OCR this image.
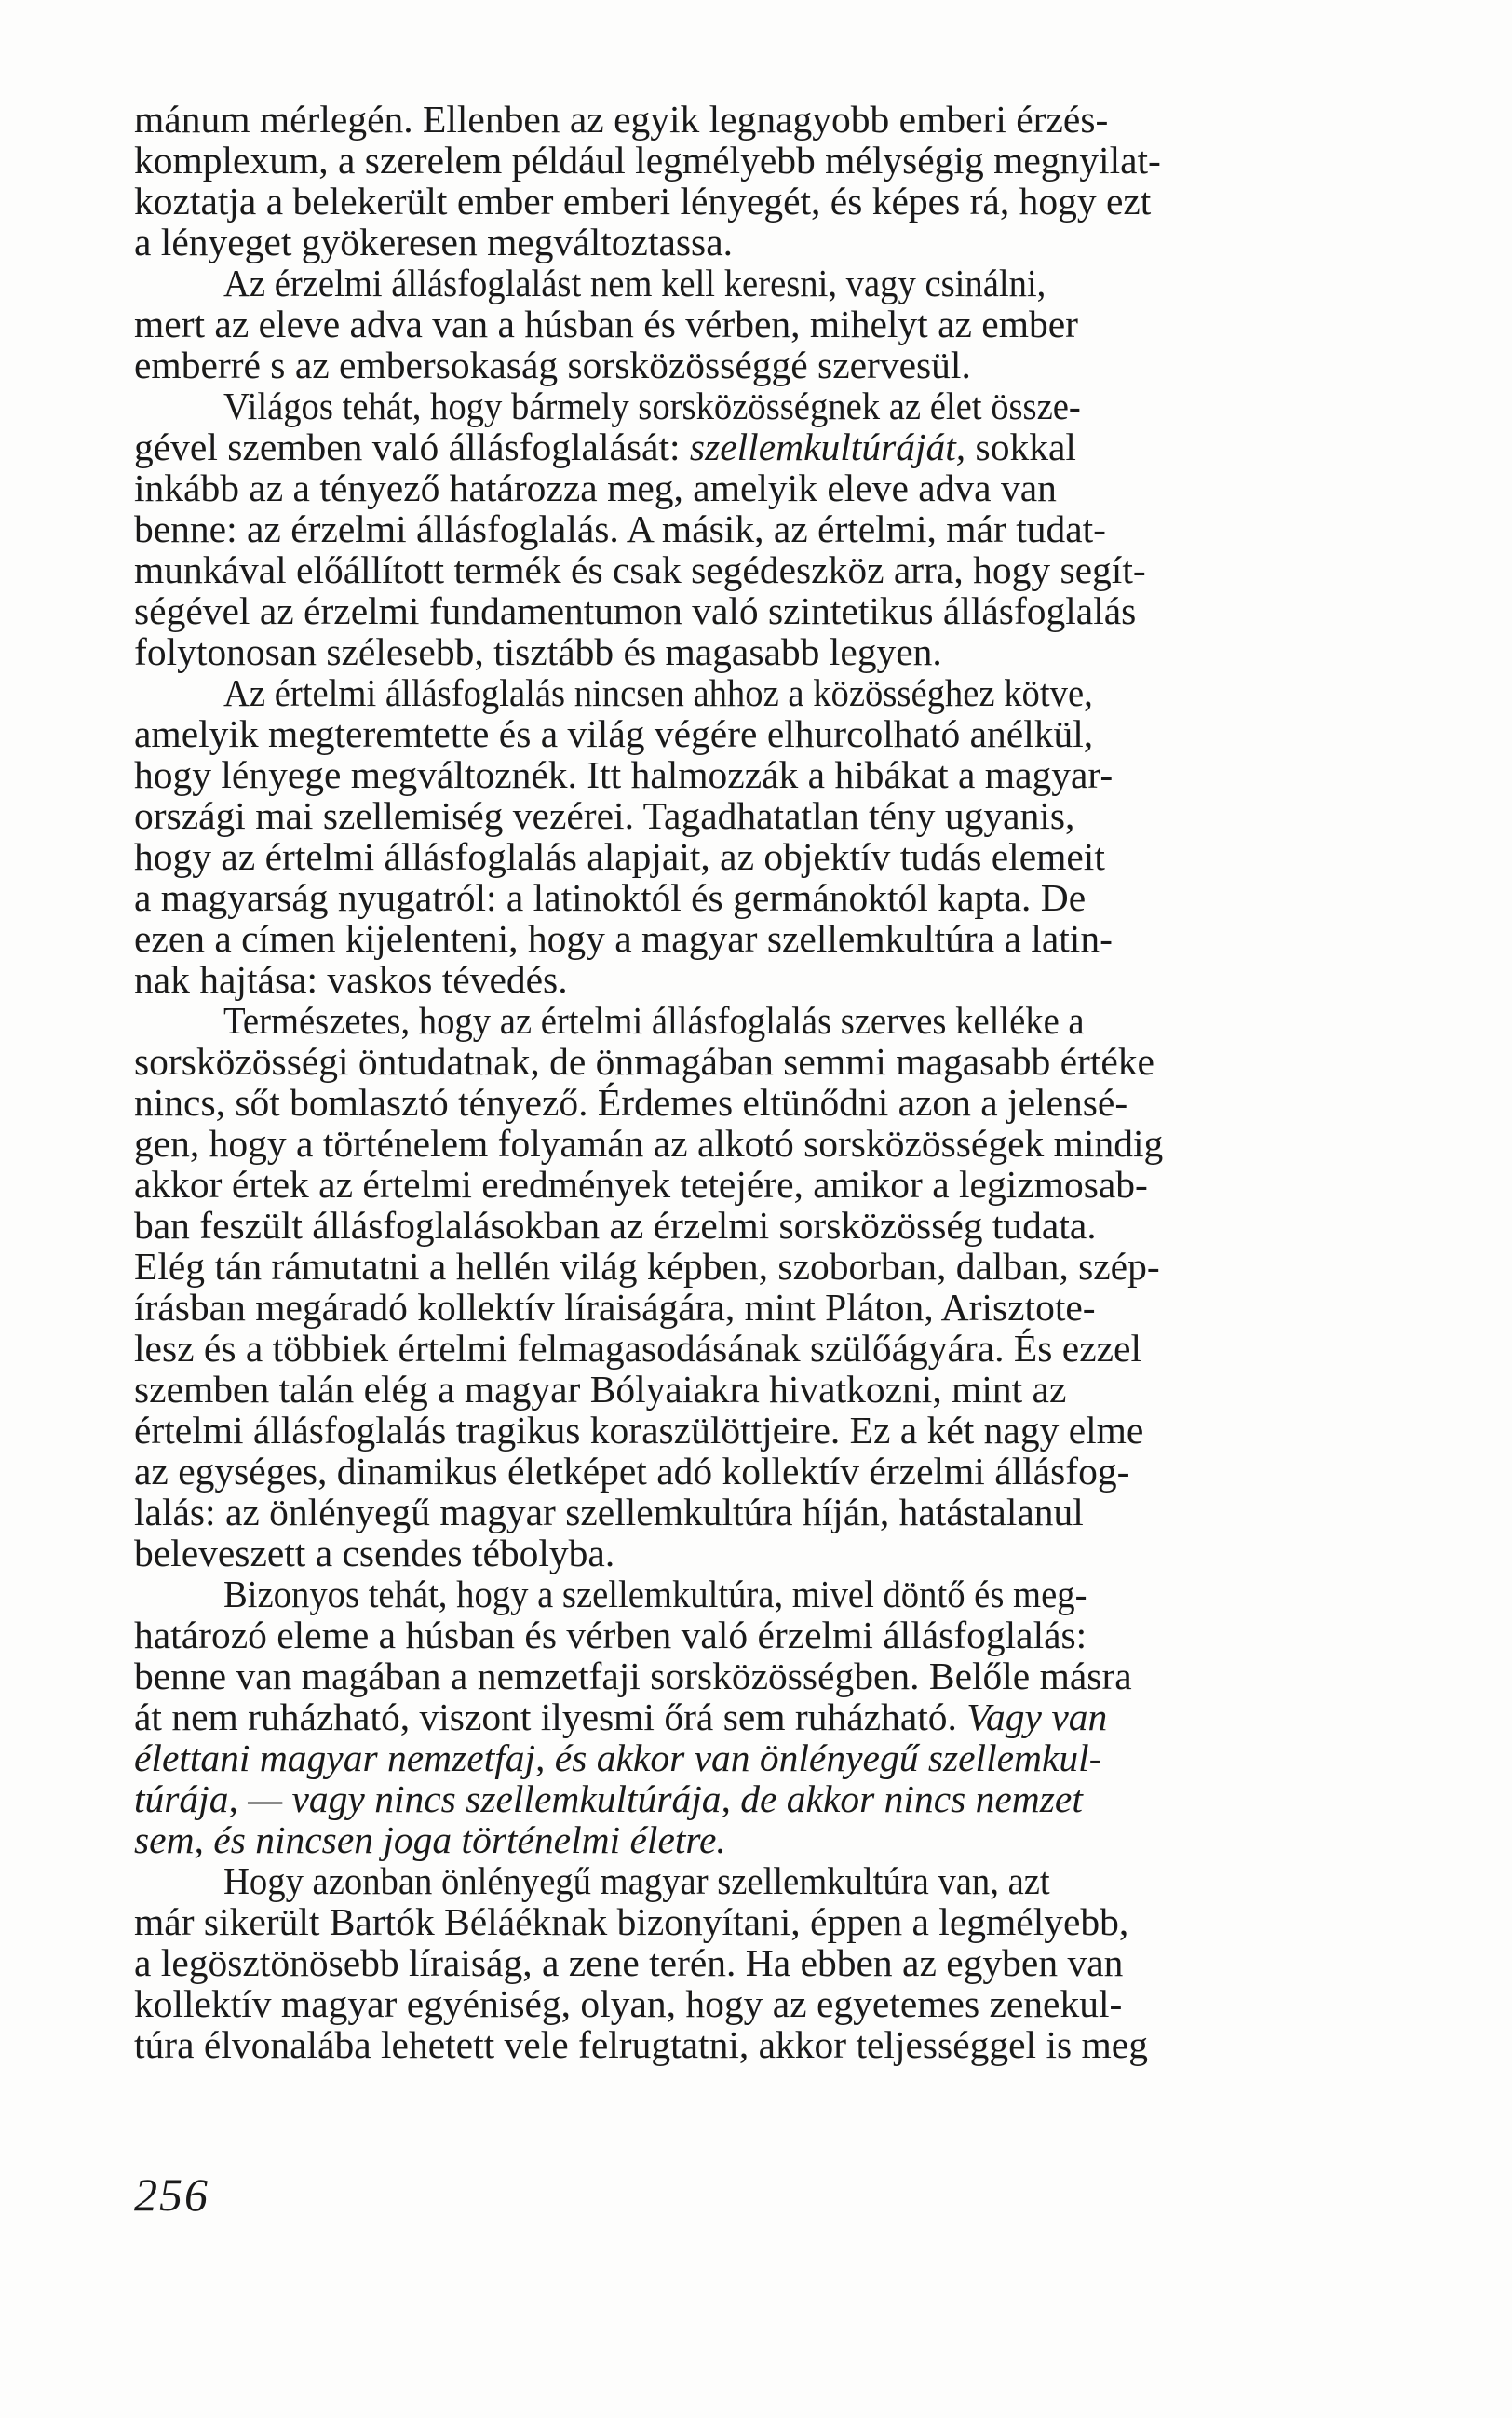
mánum mérlegén. Ellenben az egyik legnagyobb emberi érzés-
komplexum, a szerelem például legmélyebb mélységig megnyilat-
koztatja a belekerült ember emberi lényegét, és képes rá, hogy ezt
a lényeget gyökeresen megváltoztassa.
Az érzelmi állásfoglalást nem kell keresni, vagy csinálni,
mert az eleve adva van a húsban és vérben, mihelyt az ember
emberré s az embersokaság sorsközösséggé szervesül.
Világos tehát, hogy bármely sorsközösségnek az élet össze-
gével szemben való állásfoglalását: szellemkultúráját, sokkal
inkább az a tényező határozza meg, amelyik eleve adva van
benne: az érzelmi állásfoglalás. A másik, az értelmi, már tudat-
munkával előállított termék és csak segédeszköz arra, hogy segít-
ségével az érzelmi fundamentumon való szintetikus állásfoglalás
folytonosan szélesebb, tisztább és magasabb legyen.
Az értelmi állásfoglalás nincsen ahhoz a közösséghez kötve,
amelyik megteremtette és a világ végére elhurcolható anélkül,
hogy lényege megváltoznék. Itt halmozzák a hibákat a magyar-
országi mai szellemiség vezérei. Tagadhatatlan tény ugyanis,
hogy az értelmi állásfoglalás alapjait, az objektív tudás elemeit
a magyarság nyugatról: a latinoktól és germánoktól kapta. De
ezen a címen kijelenteni, hogy a magyar szellemkultúra a latin-
nak hajtása: vaskos tévedés.
Természetes, hogy az értelmi állásfoglalás szerves kelléke a
sorsközösségi öntudatnak, de önmagában semmi magasabb értéke
nincs, sőt bomlasztó tényező. Érdemes eltünődni azon a jelensé-
gen, hogy a történelem folyamán az alkotó sorsközösségek mindig
akkor értek az értelmi eredmények tetejére, amikor a legizmosab-
ban feszült állásfoglalásokban az érzelmi sorsközösség tudata.
Elég tán rámutatni a hellén világ képben, szoborban, dalban, szép-
írásban megáradó kollektív líraiságára, mint Pláton, Arisztote-
lesz és a többiek értelmi felmagasodásának szülőágyára. És ezzel
szemben talán elég a magyar Bólyaiakra hivatkozni, mint az
értelmi állásfoglalás tragikus koraszülöttjeire. Ez a két nagy elme
az egységes, dinamikus életképet adó kollektív érzelmi állásfog-
lalás: az önlényegű magyar szellemkultúra híján, hatástalanul
beleveszett a csendes tébolyba.
Bizonyos tehát, hogy a szellemkultúra, mivel döntő és meg-
határozó eleme a húsban és vérben való érzelmi állásfoglalás:
benne van magában a nemzetfaji sorsközösségben. Belőle másra
át nem ruházható, viszont ilyesmi őrá sem ruházható. Vagy van
élettani magyar nemzetfaj, és akkor van önlényegű szellemkul-
túrája, — vagy nincs szellemkultúrája, de akkor nincs nemzet
sem, és nincsen joga történelmi életre.
Hogy azonban önlényegű magyar szellemkultúra van, azt
már sikerült Bartók Béláéknak bizonyítani, éppen a legmélyebb,
a legösztönösebb líraiság, a zene terén. Ha ebben az egyben van
kollektív magyar egyéniség, olyan, hogy az egyetemes zenekul-
túra élvonalába lehetett vele felrugtatni, akkor teljességgel is meg
256
